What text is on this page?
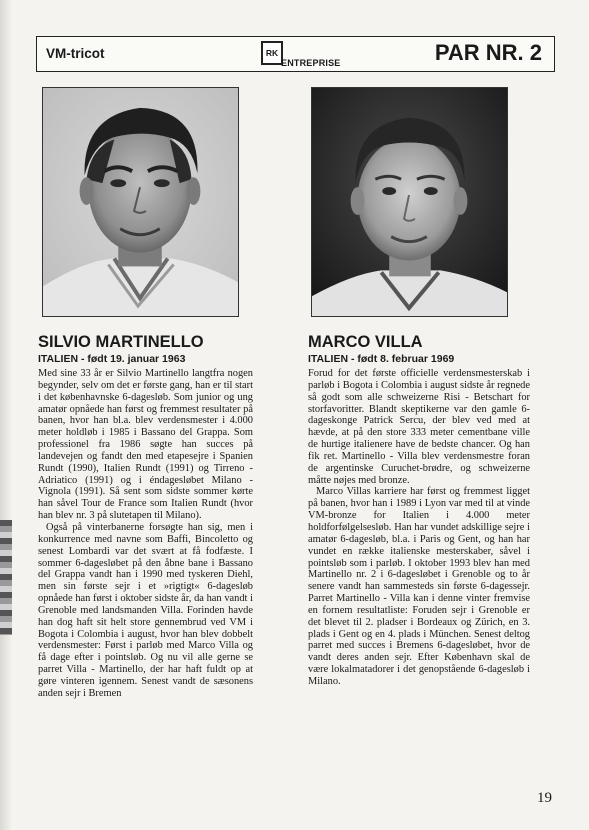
VM-tricot	RK
ENTREPRISE	PAR NR. 2
SILVIO MARTINELLO
ITALIEN - født 19. januar 1963

Med sine 33 år er Silvio Martinello langtfra nogen begynder, selv om det er første gang, han er til start i det københavnske 6-dagesløb. Som junior og ung amatør opnåede han først og fremmest resultater på banen, hvor han bl.a. blev verdensmester i 4.000 meter holdløb i 1985 i Bassano del Grappa. Som professionel fra 1986 søgte han succes på landevejen og fandt den med etapesejre i Spanien Rundt (1990), Italien Rundt (1991) og Tirreno - Adriatico (1991) og i éndagesløbet Milano - Vignola (1991). Så sent som sidste sommer kørte han såvel Tour de France som Italien Rundt (hvor han blev nr. 3 på slutetapen til Milano).

Også på vinterbanerne forsøgte han sig, men i konkurrence med navne som Baffi, Bincoletto og senest Lombardi var det svært at få fodfæste. I sommer 6-dagesløbet på den åbne bane i Bassano del Grappa vandt han i 1990 med tyskeren Diehl, men sin første sejr i et »rigtigt« 6-dagesløb opnåede han først i oktober sidste år, da han vandt i Grenoble med landsmanden Villa. Forinden havde han dog haft sit helt store gennembrud ved VM i Bogota i Colombia i august, hvor han blev dobbelt verdensmester: Først i parløb med Marco Villa og få dage efter i pointsløb. Og nu vil alle gerne se parret Villa - Martinello, der har haft fuldt op at gøre vinteren igennem. Senest vandt de sæsonens anden sejr i Bremen

MARCO VILLA
ITALIEN - født 8. februar 1969

Forud for det første officielle verdensmesterskab i parløb i Bogota i Colombia i august sidste år regnede så godt som alle schweizerne Risi - Betschart for storfavoritter. Blandt skeptikerne var den gamle 6-dageskonge Patrick Sercu, der blev ved med at hævde, at på den store 333 meter cementbane ville de hurtige italienere have de bedste chancer. Og han fik ret. Martinello - Villa blev verdensmestre foran de argentinske Curuchet-brødre, og schweizerne måtte nøjes med bronze.

Marco Villas karriere har først og fremmest ligget på banen, hvor han i 1989 i Lyon var med til at vinde VM-bronze for Italien i 4.000 meter holdforfølgelsesløb. Han har vundet adskillige sejre i amatør 6-dagesløb, bl.a. i Paris og Gent, og han har vundet en række italienske mesterskaber, såvel i pointsløb som i parløb. I oktober 1993 blev han med Martinello nr. 2 i 6-dagesløbet i Grenoble og to år senere vandt han sammesteds sin første 6-dagessejr. Parret Martinello - Villa kan i denne vinter fremvise en fornem resultatliste: Foruden sejr i Grenoble er det blevet til 2. pladser i Bordeaux og Zürich, en 3. plads i Gent og en 4. plads i München. Senest deltog parret med succes i Bremens 6-dagesløbet, hvor de vandt deres anden sejr. Efter København skal de være lokalmatadorer i det genopstående 6-dagesløb i Milano.

19
